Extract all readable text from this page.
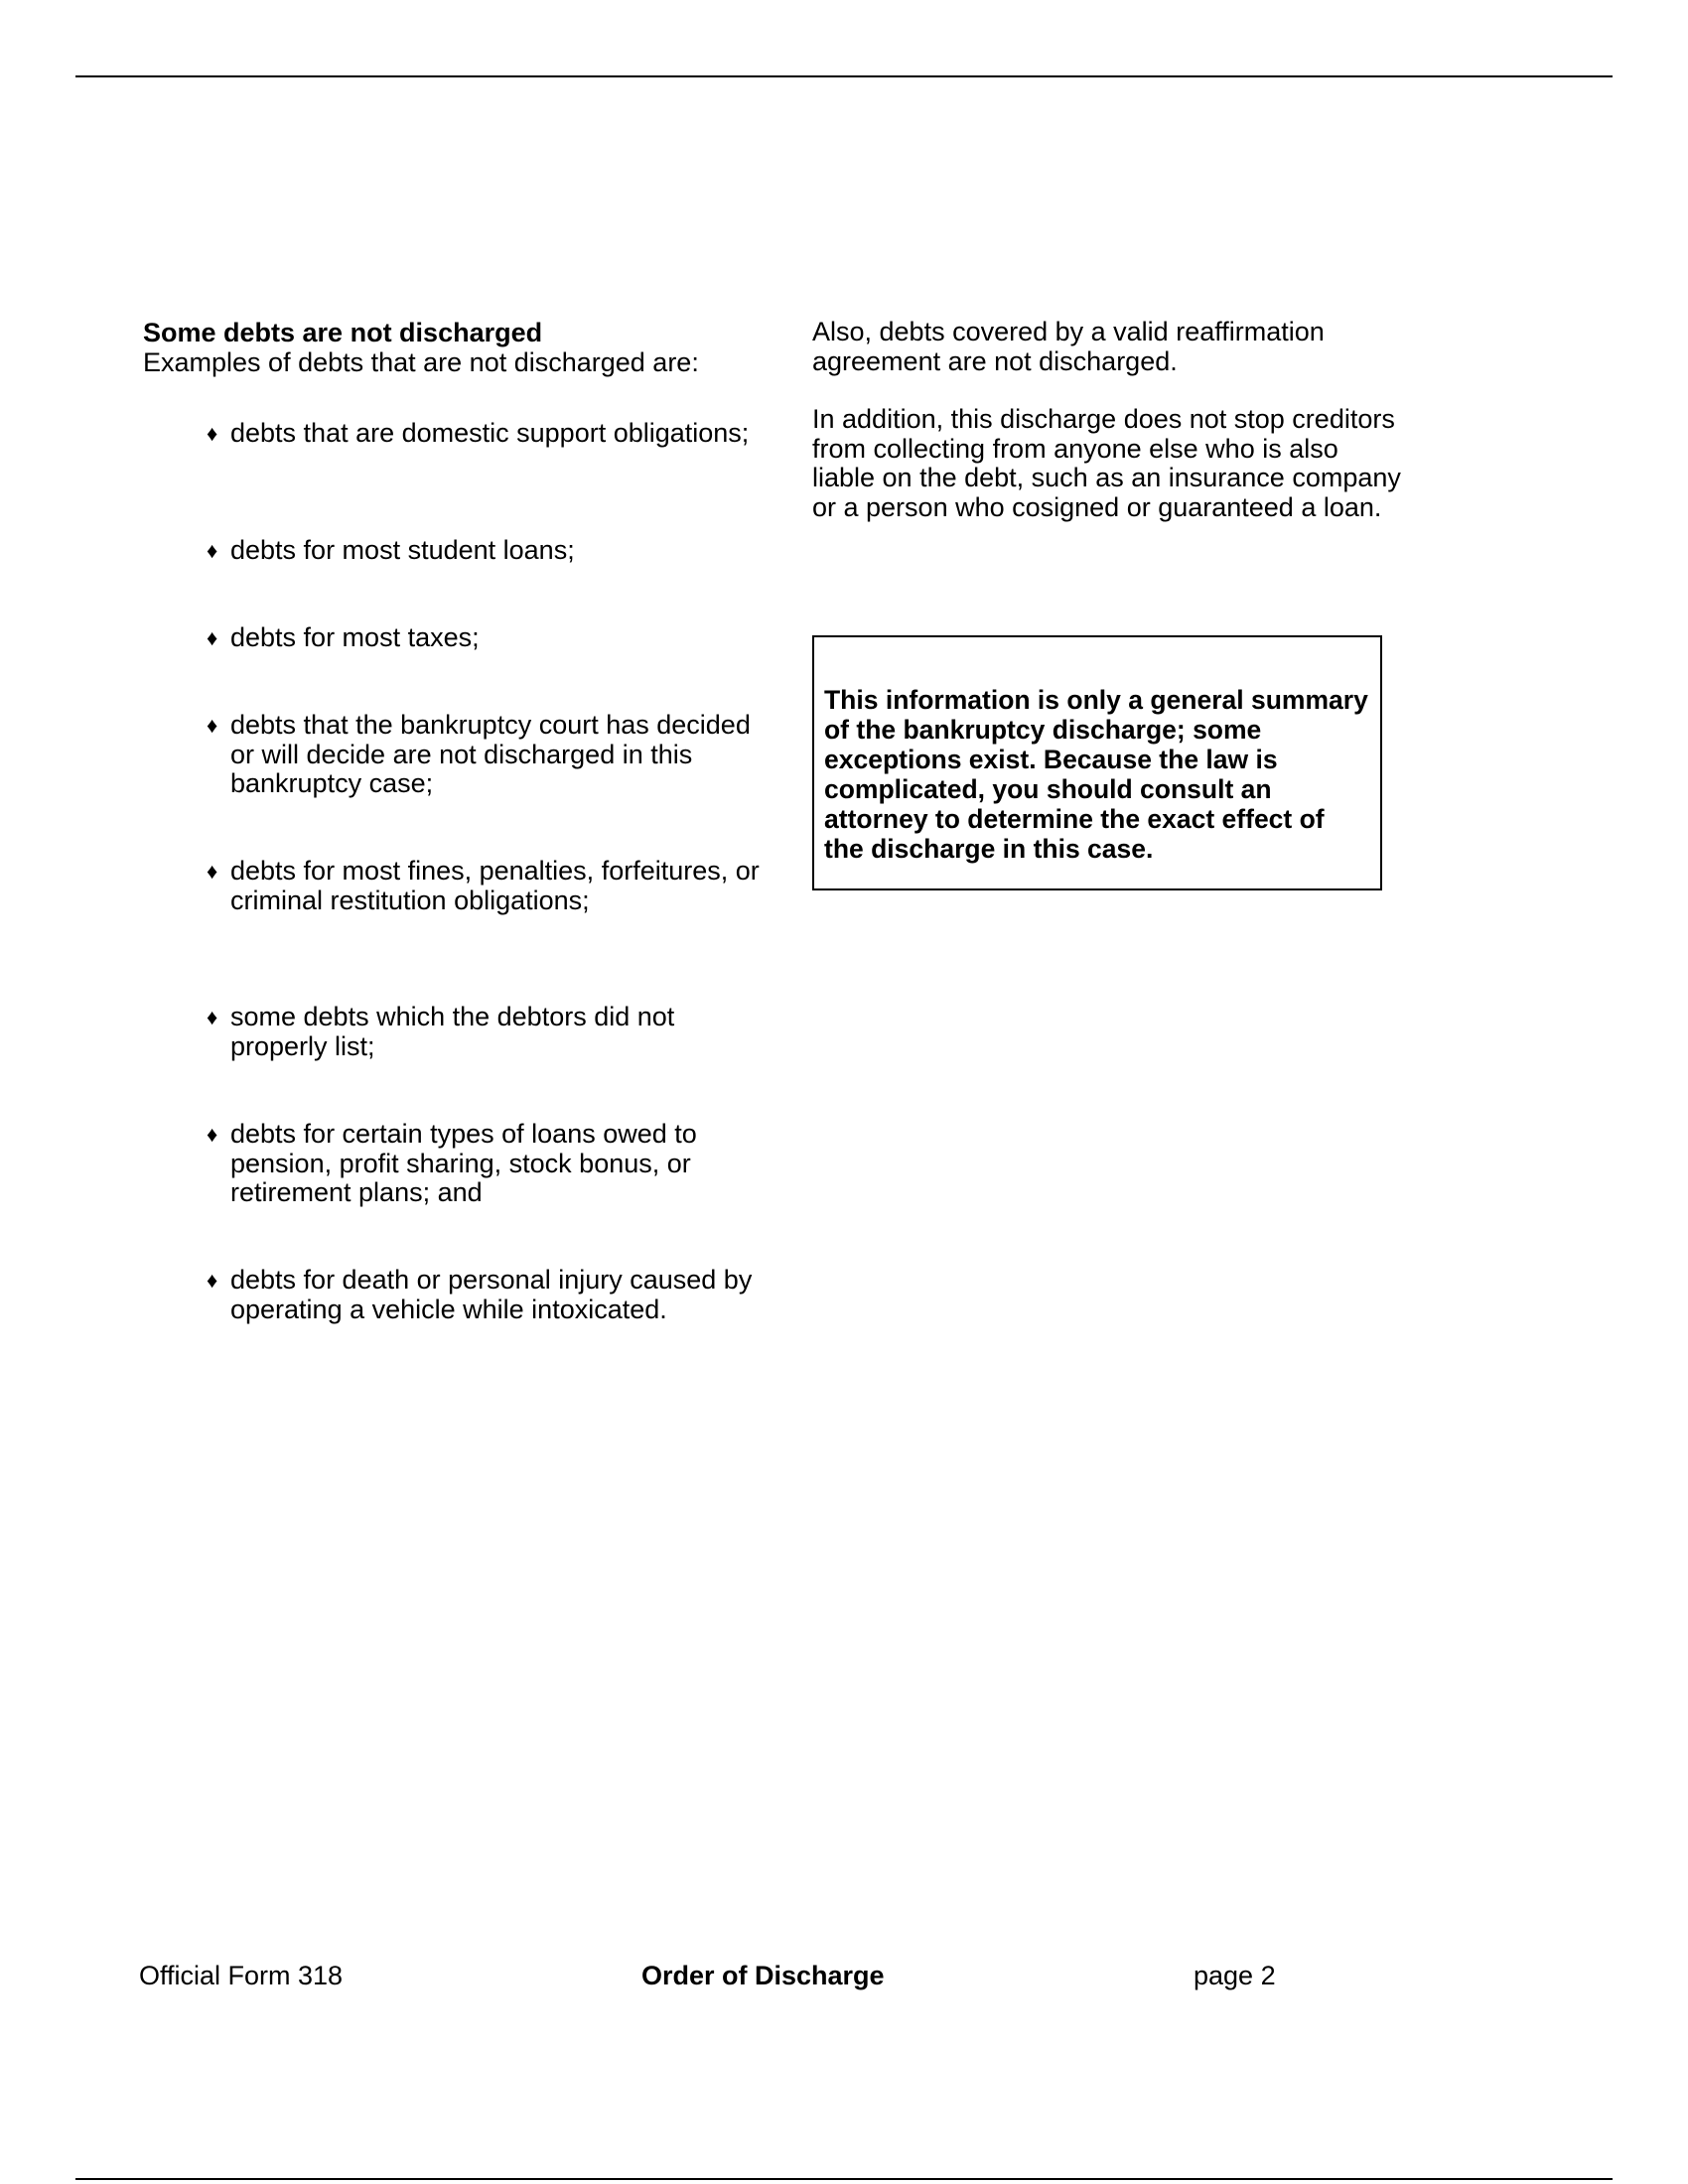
Some debts are not discharged

Examples of debts that are not discharged are:

♦ debts that are domestic support obligations;
♦ debts for most student loans;
♦ debts for most taxes;
♦ debts that the bankruptcy court has decided or will decide are not discharged in this bankruptcy case;
♦ debts for most fines, penalties, forfeitures, or criminal restitution obligations;
♦ some debts which the debtors did not properly list;
♦ debts for certain types of loans owed to pension, profit sharing, stock bonus, or retirement plans; and
♦ debts for death or personal injury caused by operating a vehicle while intoxicated.

Also, debts covered by a valid reaffirmation agreement are not discharged.

In addition, this discharge does not stop creditors from collecting from anyone else who is also liable on the debt, such as an insurance company or a person who cosigned or guaranteed a loan.

This information is only a general summary of the bankruptcy discharge; some exceptions exist. Because the law is complicated, you should consult an attorney to determine the exact effect of the discharge in this case.

Official Form 318	Order of Discharge	page 2
